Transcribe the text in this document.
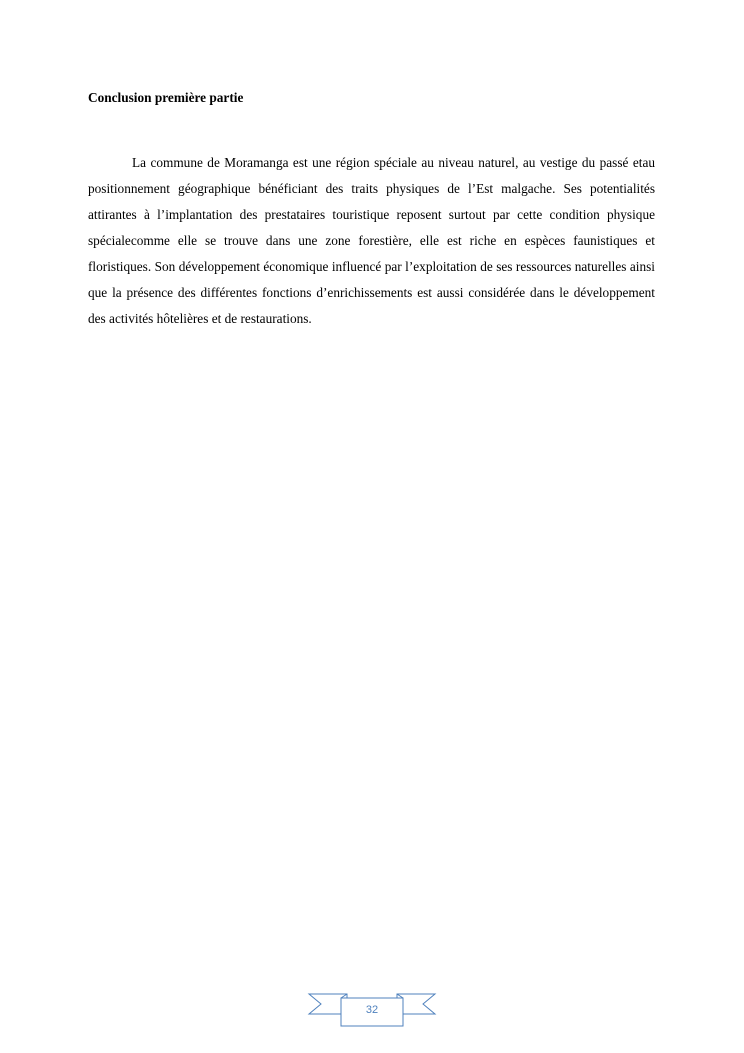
Conclusion première partie

La commune de Moramanga est une région spéciale au niveau naturel, au vestige du passé etau positionnement géographique bénéficiant des traits physiques de l’Est malgache. Ses potentialités attirantes à l’implantation des prestataires touristique reposent surtout par cette condition physique spécialecomme elle se trouve dans une zone forestière, elle est riche en espèces faunistiques et floristiques. Son développement économique influencé par l’exploitation de ses ressources naturelles ainsi que la présence des différentes fonctions d’enrichissements est aussi considérée dans le développement des activités hôtelières et de restaurations.

32
